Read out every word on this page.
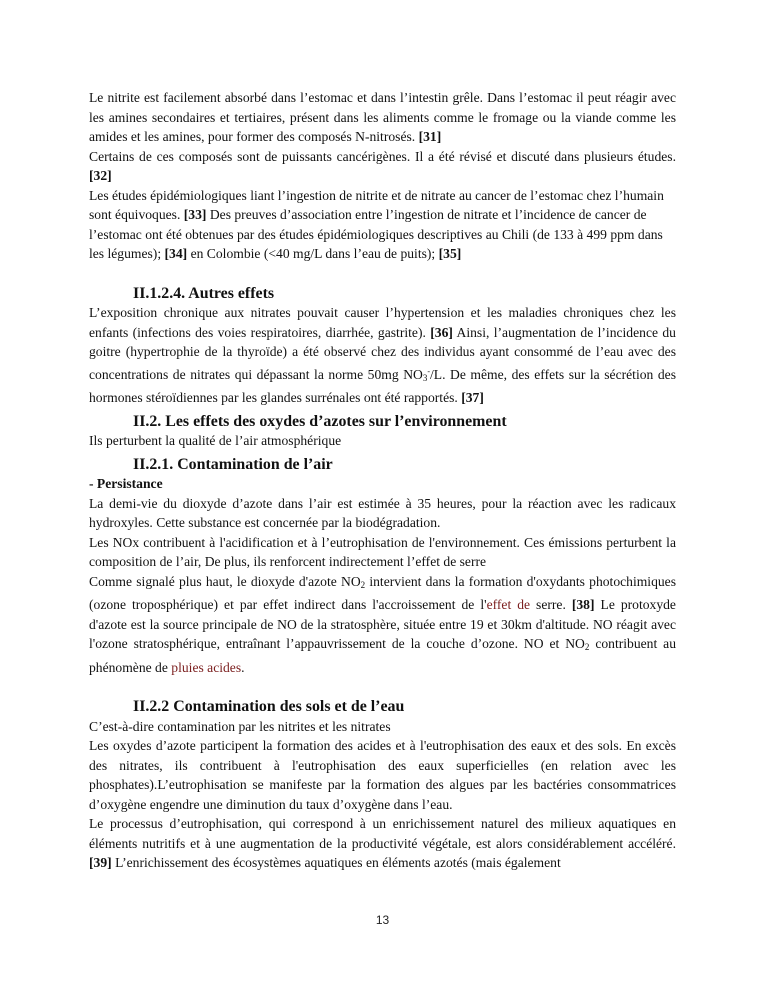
Le nitrite est facilement absorbé dans l’estomac et dans l’intestin grêle. Dans l’estomac il peut réagir avec les amines secondaires et tertiaires, présent dans les aliments comme le fromage ou la viande comme les amides et les amines, pour former des composés N-nitrosés. [31]

Certains de ces composés sont de puissants cancérigènes. Il a été révisé et discuté dans plusieurs études. [32]

Les études épidémiologiques liant l’ingestion de nitrite et de nitrate au cancer de l’estomac chez l’humain sont équivoques. [33] Des preuves d’association entre l’ingestion de nitrate et l’incidence de cancer de l’estomac ont été obtenues par des études épidémiologiques descriptives au Chili (de 133 à 499 ppm dans les légumes); [34] en Colombie (<40 mg/L dans l’eau de puits); [35]

II.1.2.4. Autres effets

L’exposition chronique aux nitrates pouvait causer l’hypertension et les maladies chroniques chez les enfants (infections des voies respiratoires, diarrhée, gastrite). [36] Ainsi, l’augmentation de l’incidence du goitre (hypertrophie de la thyroïde) a été observé chez des individus ayant consommé de l’eau avec des concentrations de nitrates qui dépassant la norme 50mg $NO_3^-/L$. De même, des effets sur la sécrétion des hormones stéroïdiennes par les glandes surrénales ont été rapportés. [37]

II.2. Les effets des oxydes d’azotes sur l’environnement

Ils perturbent la qualité de l’air atmosphérique

II.2.1. Contamination de l’air

- Persistance

La demi-vie du dioxyde d’azote dans l’air est estimée à 35 heures, pour la réaction avec les radicaux hydroxyles. Cette substance est concernée par la biodégradation.

Les NOx contribuent à l'acidification et à l’eutrophisation de l'environnement. Ces émissions perturbent la composition de l’air, De plus, ils renforcent indirectement l’effet de serre

Comme signalé plus haut, le dioxyde d'azote $NO_2$ intervient dans la formation d'oxydants photochimiques (ozone troposphérique) et par effet indirect dans l'accroissement de l'effet de serre. [38] Le protoxyde d'azote est la source principale de NO de la stratosphère, située entre 19 et 30km d'altitude. NO réagit avec l'ozone stratosphérique, entraînant l’appauvrissement de la couche d’ozone. NO et $NO_2$ contribuent au phénomène de pluies acides.

II.2.2 Contamination des sols et de l’eau

C’est-à-dire contamination par les nitrites et les nitrates

Les oxydes d’azote participent la formation des acides et à l'eutrophisation des eaux et des sols. En excès des nitrates, ils contribuent à l'eutrophisation des eaux superficielles (en relation avec les phosphates).L’eutrophisation se manifeste par la formation des algues par les bactéries consommatrices d’oxygène engendre une diminution du taux d’oxygène dans l’eau.

Le processus d’eutrophisation, qui correspond à un enrichissement naturel des milieux aquatiques en éléments nutritifs et à une augmentation de la productivité végétale, est alors considérablement accéléré. [39] L’enrichissement des écosystèmes aquatiques en éléments azotés (mais également

13
